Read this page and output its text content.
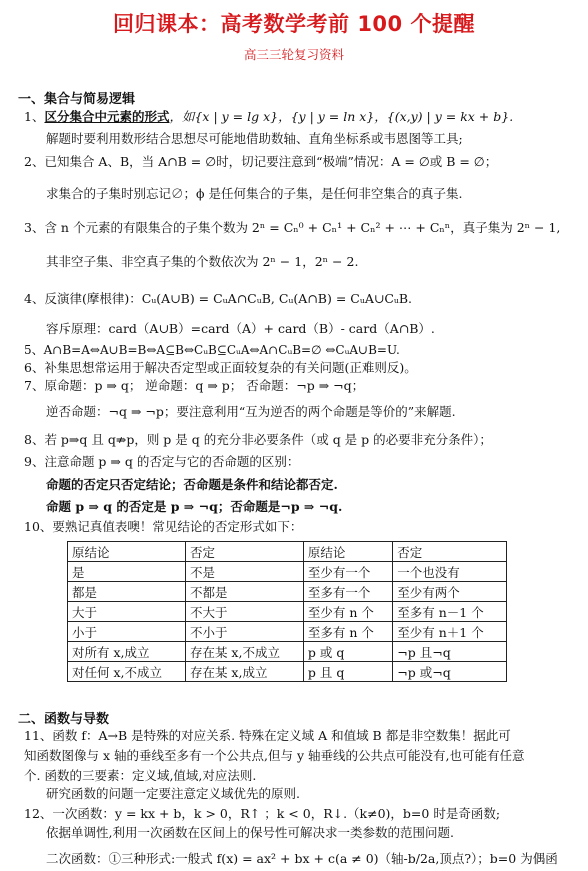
回归课本：高考数学考前 100 个提醒
高三三轮复习资料
一、集合与简易逻辑
1、区分集合中元素的形式，如{x | y = lg x}，{y | y = ln x}，{(x,y) | y = kx + b}.
解题时要利用数形结合思想尽可能地借助数轴、直角坐标系或韦恩图等工具;
2、已知集合 A、B，当 A∩B = ∅时，切记要注意到“极端”情况：A = ∅或 B = ∅；
求集合的子集时别忘记∅；ϕ 是任何集合的子集，是任何非空集合的真子集.
3、含 n 个元素的有限集合的子集个数为 2ⁿ = Cₙ⁰ + Cₙ¹ + Cₙ² + ⋯ + Cₙⁿ，真子集为 2ⁿ − 1,
其非空子集、非空真子集的个数依次为 2ⁿ − 1，2ⁿ − 2.
4、反演律(摩根律)：Cᵤ(A∪B) = CᵤA∩CᵤB, Cᵤ(A∩B) = CᵤA∪CᵤB.
容斥原理：card（A∪B）=card（A）+ card（B）- card（A∩B）.
5、A∩B=A⇔A∪B=B⇔A⊆B⇔CᵤB⊆CᵤA⇔A∩CᵤB=∅ ⇔CᵤA∪B=U.
6、补集思想常运用于解决否定型或正面较复杂的有关问题(正难则反)。
7、原命题：p ⇒ q； 逆命题：q ⇒ p； 否命题：¬p ⇒ ¬q；
逆否命题：¬q ⇒ ¬p；要注意利用“互为逆否的两个命题是等价的”来解题.
8、若 p⇒q 且 q⇏p，则 p 是 q 的充分非必要条件（或 q 是 p 的必要非充分条件）；
9、注意命题 p ⇒ q 的否定与它的否命题的区别：
命题的否定只否定结论；否命题是条件和结论都否定.
命题 p ⇒ q 的否定是 p ⇒ ¬q；否命题是¬p ⇒ ¬q.
10、要熟记真值表噢！常见结论的否定形式如下：
原结论	否定	原结论	否定
是	不是	至少有一个	一个也没有
都是	不都是	至多有一个	至少有两个
大于	不大于	至少有 n 个	至多有 n－1 个
小于	不小于	至多有 n 个	至少有 n＋1 个
对所有 x,成立	存在某 x,不成立	p 或 q	¬p 且¬q
对任何 x,不成立	存在某 x,成立	p 且 q	¬p 或¬q
二、函数与导数
11、函数 f：A→B 是特殊的对应关系. 特殊在定义域 A 和值域 B 都是非空数集！据此可
知函数图像与 x 轴的垂线至多有一个公共点,但与 y 轴垂线的公共点可能没有,也可能有任意
个. 函数的三要素：定义域,值域,对应法则.
研究函数的问题一定要注意定义域优先的原则.
12、一次函数：y = kx + b，k > 0，R↑ ；k < 0，R↓.（k≠0)，b=0 时是奇函数;
依据单调性,利用一次函数在区间上的保号性可解决求一类参数的范围问题.
二次函数：①三种形式:一般式 f(x) = ax² + bx + c(a ≠ 0)（轴-b/2a,顶点?）；b=0 为偶函
